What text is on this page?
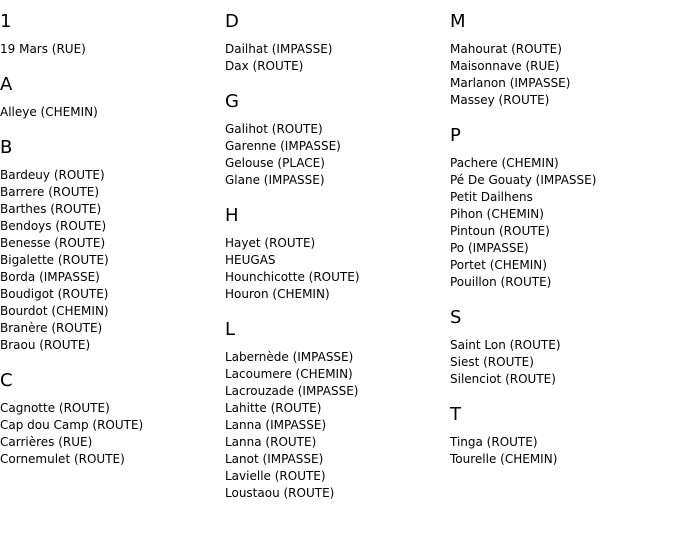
1
19 Mars (RUE)
A
Alleye (CHEMIN)
B
Bardeuy (ROUTE)
Barrere (ROUTE)
Barthes (ROUTE)
Bendoys (ROUTE)
Benesse (ROUTE)
Bigalette (ROUTE)
Borda (IMPASSE)
Boudigot (ROUTE)
Bourdot (CHEMIN)
Branère (ROUTE)
Braou (ROUTE)
C
Cagnotte (ROUTE)
Cap dou Camp (ROUTE)
Carrières (RUE)
Cornemulet (ROUTE)
D
Dailhat (IMPASSE)
Dax (ROUTE)
G
Galihot (ROUTE)
Garenne (IMPASSE)
Gelouse (PLACE)
Glane (IMPASSE)
H
Hayet (ROUTE)
HEUGAS
Hounchicotte (ROUTE)
Houron (CHEMIN)
L
Labernède (IMPASSE)
Lacoumere (CHEMIN)
Lacrouzade (IMPASSE)
Lahitte (ROUTE)
Lanna (IMPASSE)
Lanna (ROUTE)
Lanot (IMPASSE)
Lavielle (ROUTE)
Loustaou (ROUTE)
M
Mahourat (ROUTE)
Maisonnave (RUE)
Marlanon (IMPASSE)
Massey (ROUTE)
P
Pachere (CHEMIN)
Pé De Gouaty (IMPASSE)
Petit Dailhens
Pihon (CHEMIN)
Pintoun (ROUTE)
Po (IMPASSE)
Portet (CHEMIN)
Pouillon (ROUTE)
S
Saint Lon (ROUTE)
Siest (ROUTE)
Silenciot (ROUTE)
T
Tinga (ROUTE)
Tourelle (CHEMIN)
